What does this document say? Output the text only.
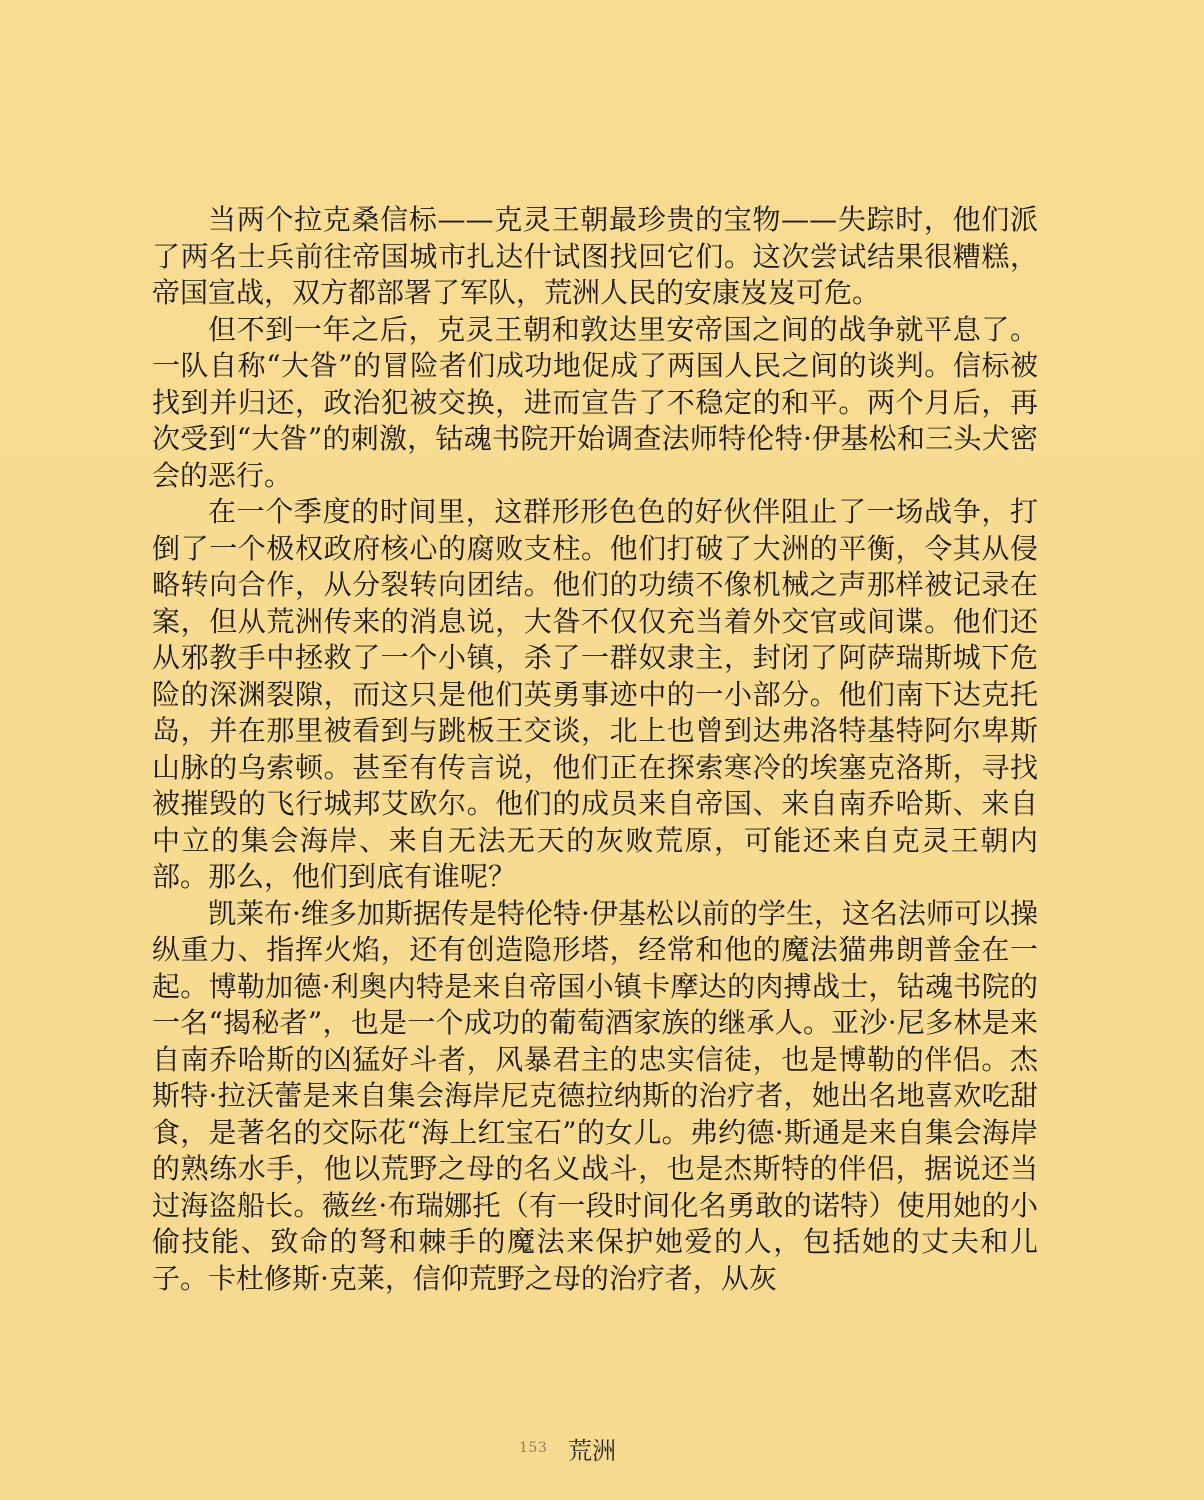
当两个拉克桑信标——克灵王朝最珍贵的宝物——失踪时，他们派了两名士兵前往帝国城市扎达什试图找回它们。这次尝试结果很糟糕，帝国宣战，双方都部署了军队，荒洲人民的安康岌岌可危。

但不到一年之后，克灵王朝和敦达里安帝国之间的战争就平息了。一队自称“大昝”的冒险者们成功地促成了两国人民之间的谈判。信标被找到并归还，政治犯被交换，进而宣告了不稳定的和平。两个月后，再次受到“大昝”的刺激，钴魂书院开始调查法师特伦特·伊基松和三头犬密会的恶行。

在一个季度的时间里，这群形形色色的好伙伴阻止了一场战争，打倒了一个极权政府核心的腐败支柱。他们打破了大洲的平衡，令其从侵略转向合作，从分裂转向团结。他们的功绩不像机械之声那样被记录在案，但从荒洲传来的消息说，大昝不仅仅充当着外交官或间谍。他们还从邪教手中拯救了一个小镇，杀了一群奴隶主，封闭了阿萨瑞斯城下危险的深渊裂隙，而这只是他们英勇事迹中的一小部分。他们南下达克托岛，并在那里被看到与跳板王交谈，北上也曾到达弗洛特基特阿尔卑斯山脉的乌索顿。甚至有传言说，他们正在探索寒冷的埃塞克洛斯，寻找被摧毁的飞行城邦艾欧尔。他们的成员来自帝国、来自南乔哈斯、来自中立的集会海岸、来自无法无天的灰败荒原，可能还来自克灵王朝内部。那么，他们到底有谁呢？

凯莱布·维多加斯据传是特伦特·伊基松以前的学生，这名法师可以操纵重力、指挥火焰，还有创造隐形塔，经常和他的魔法猫弗朗普金在一起。博勒加德·利奥内特是来自帝国小镇卡摩达的肉搏战士，钴魂书院的一名“揭秘者”，也是一个成功的葡萄酒家族的继承人。亚沙·尼多林是来自南乔哈斯的凶猛好斗者，风暴君主的忠实信徒，也是博勒的伴侣。杰斯特·拉沃蕾是来自集会海岸尼克德拉纳斯的治疗者，她出名地喜欢吃甜食，是著名的交际花“海上红宝石”的女儿。弗约德·斯通是来自集会海岸的熟练水手，他以荒野之母的名义战斗，也是杰斯特的伴侣，据说还当过海盗船长。薇丝·布瑞娜托（有一段时间化名勇敢的诺特）使用她的小偷技能、致命的弩和棘手的魔法来保护她爱的人，包括她的丈夫和儿子。卡杜修斯·克莱，信仰荒野之母的治疗者，从灰

153 荒洲
